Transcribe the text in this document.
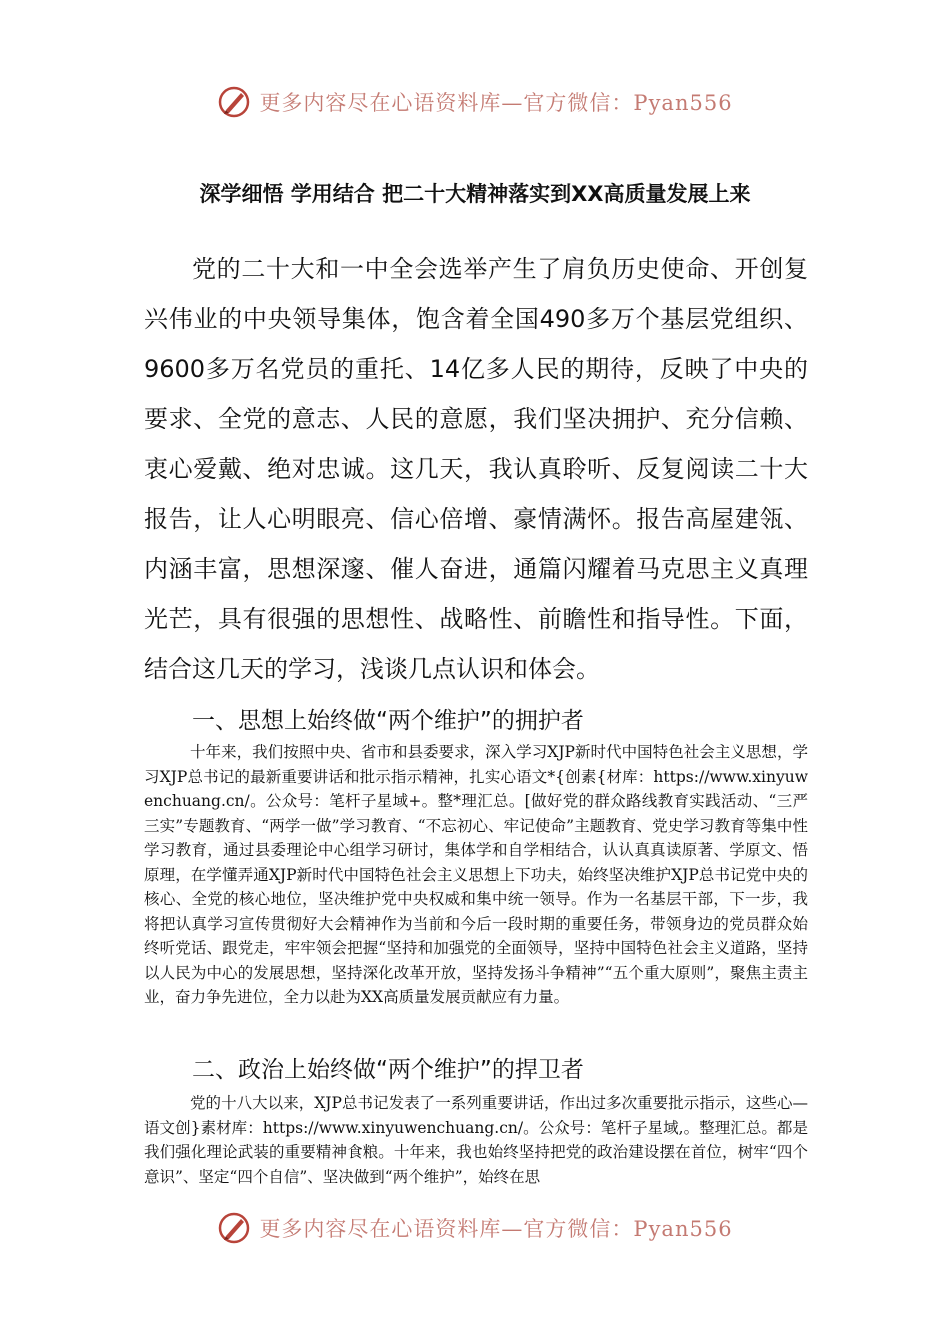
更多内容尽在心语资料库—官方微信：Pyan556
深学细悟 学用结合 把二十大精神落实到XX高质量发展上来

党的二十大和一中全会选举产生了肩负历史使命、开创复兴伟业的中央领导集体，饱含着全国490多万个基层党组织、9600多万名党员的重托、14亿多人民的期待，反映了中央的要求、全党的意志、人民的意愿，我们坚决拥护、充分信赖、衷心爱戴、绝对忠诚。这几天，我认真聆听、反复阅读二十大报告，让人心明眼亮、信心倍增、豪情满怀。报告高屋建瓴、内涵丰富，思想深邃、催人奋进，通篇闪耀着马克思主义真理光芒，具有很强的思想性、战略性、前瞻性和指导性。下面，结合这几天的学习，浅谈几点认识和体会。

一、思想上始终做“两个维护”的拥护者

十年来，我们按照中央、省市和县委要求，深入学习XJP新时代中国特色社会主义思想，学习XJP总书记的最新重要讲话和批示指示精神，扎实心语文*{创素{材库：https://www.xinyuwenchuang.cn/。公众号：笔杆子星域+。整*理汇总。[做好党的群众路线教育实践活动、“三严三实”专题教育、“两学一做”学习教育、“不忘初心、牢记使命”主题教育、党史学习教育等集中性学习教育，通过县委理论中心组学习研讨，集体学和自学相结合，认认真真读原著、学原文、悟原理，在学懂弄通XJP新时代中国特色社会主义思想上下功夫，始终坚决维护XJP总书记党中央的核心、全党的核心地位，坚决维护党中央权威和集中统一领导。作为一名基层干部，下一步，我将把认真学习宣传贯彻好大会精神作为当前和今后一段时期的重要任务，带领身边的党员群众始终听党话、跟党走，牢牢领会把握“坚持和加强党的全面领导，坚持中国特色社会主义道路，坚持以人民为中心的发展思想，坚持深化改革开放，坚持发扬斗争精神”“五个重大原则”，聚焦主责主业，奋力争先进位，全力以赴为XX高质量发展贡献应有力量。

二、政治上始终做“两个维护”的捍卫者

党的十八大以来，XJP总书记发表了一系列重要讲话，作出过多次重要批示指示，这些心—语文创}素材库：https://www.xinyuwenchuang.cn/。公众号：笔杆子星域,。整理汇总。都是我们强化理论武装的重要精神食粮。十年来，我也始终坚持把党的政治建设摆在首位，树牢“四个意识”、坚定“四个自信”、坚决做到“两个维护”，始终在思

更多内容尽在心语资料库—官方微信：Pyan556
